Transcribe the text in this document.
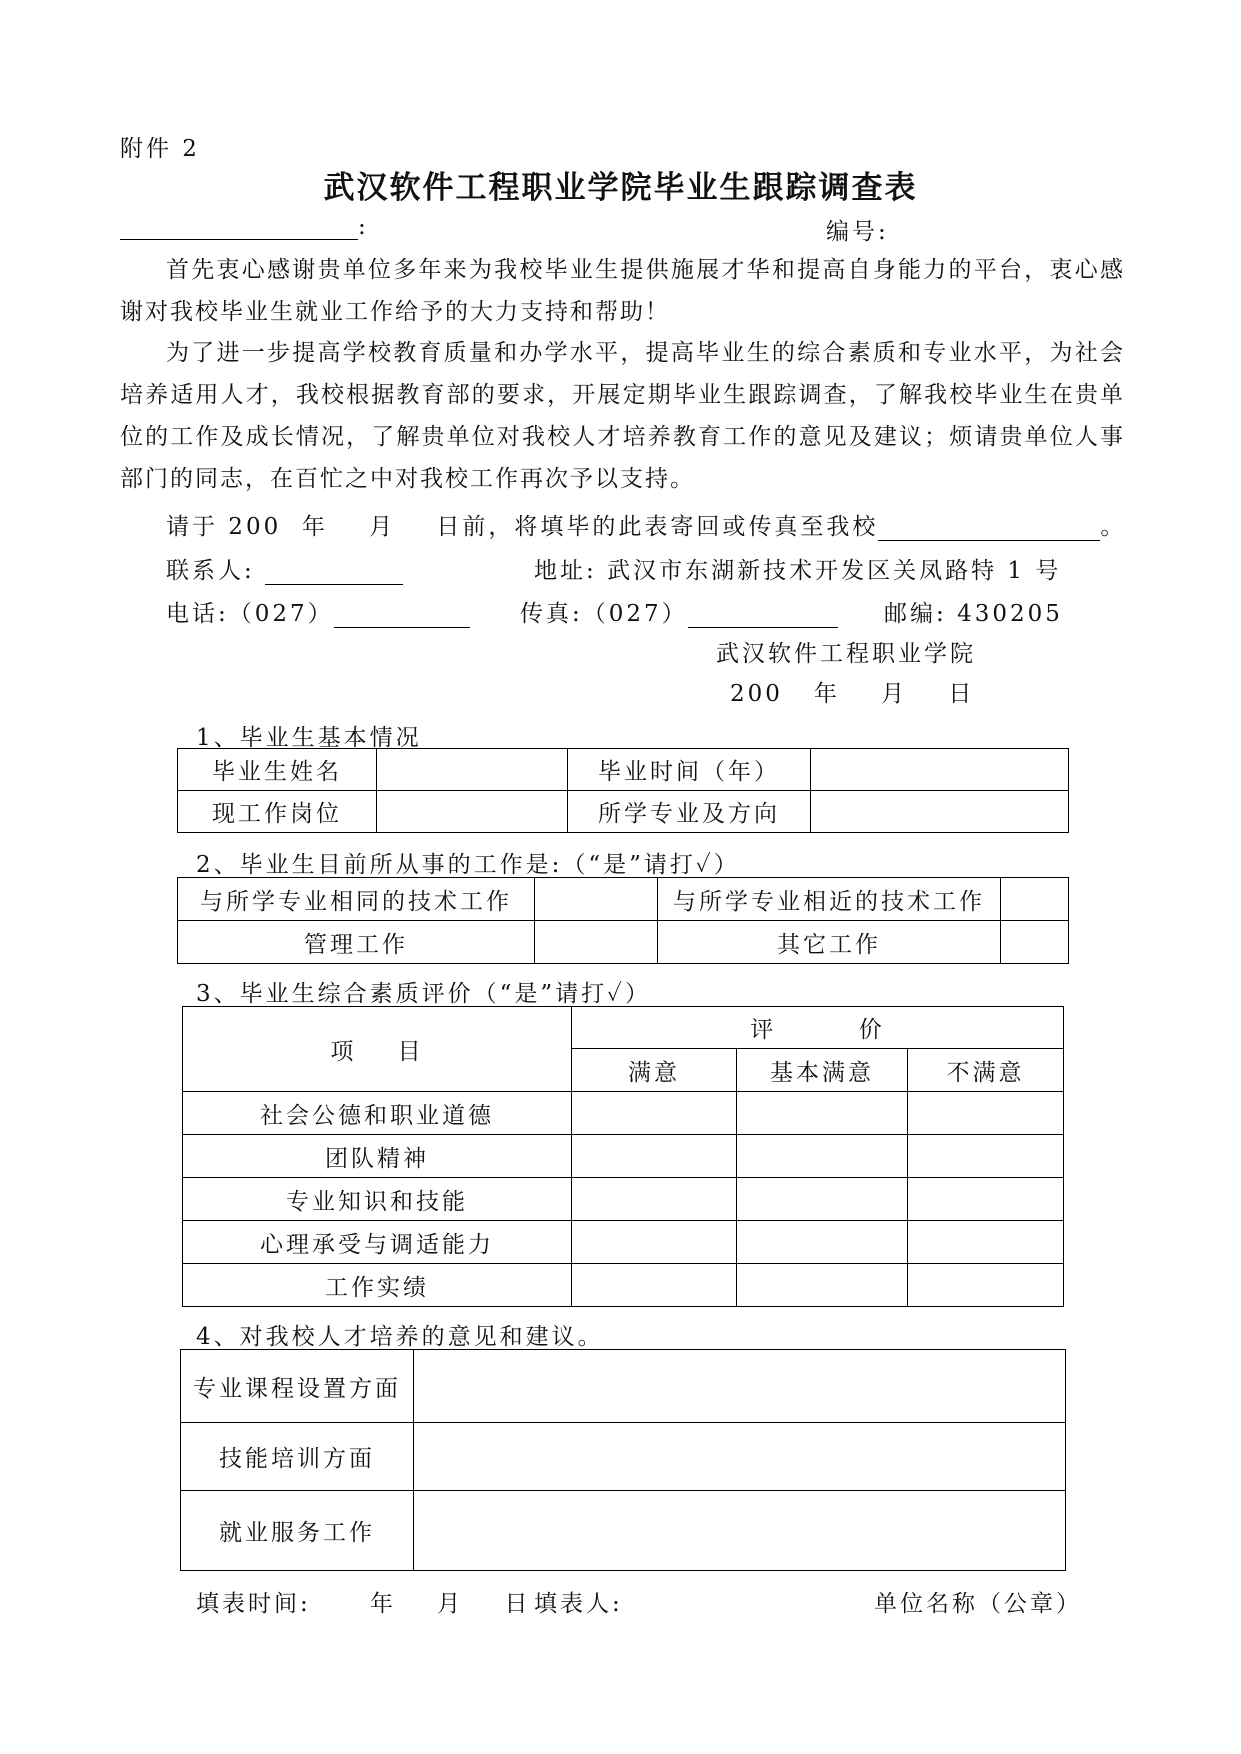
附件 2
武汉软件工程职业学院毕业生跟踪调查表
:	编号:

首先衷心感谢贵单位多年来为我校毕业生提供施展才华和提高自身能力的平台，衷心感谢对我校毕业生就业工作给予的大力支持和帮助！

为了进一步提高学校教育质量和办学水平，提高毕业生的综合素质和专业水平，为社会培养适用人才，我校根据教育部的要求，开展定期毕业生跟踪调查，了解我校毕业生在贵单位的工作及成长情况，了解贵单位对我校人才培养教育工作的意见及建议；烦请贵单位人事部门的同志，在百忙之中对我校工作再次予以支持。

请于 200  年    月    日前，将填毕的此表寄回或传真至我校	。
联系人:	地址: 武汉市东湖新技术开发区关凤路特 1 号
电话:（027）	传真:（027）	邮编: 430205
武汉软件工程职业学院
200   年    月    日
1、毕业生基本情况
毕业生姓名		毕业时间（年）	
现工作岗位		所学专业及方向	
2、毕业生目前所从事的工作是:（“是”请打✓）
与所学专业相同的技术工作		与所学专业相近的技术工作	
管理工作		其它工作	
3、毕业生综合素质评价（“是”请打✓）
项    目	评        价		
	满意	基本满意	不满意
社会公德和职业道德			
团队精神			
专业知识和技能			
心理承受与调适能力			
工作实绩			
4、对我校人才培养的意见和建议。
专业课程设置方面	
技能培训方面	
就业服务工作	
填表时间:	年    月    日 填表人:	单位名称（公章）
